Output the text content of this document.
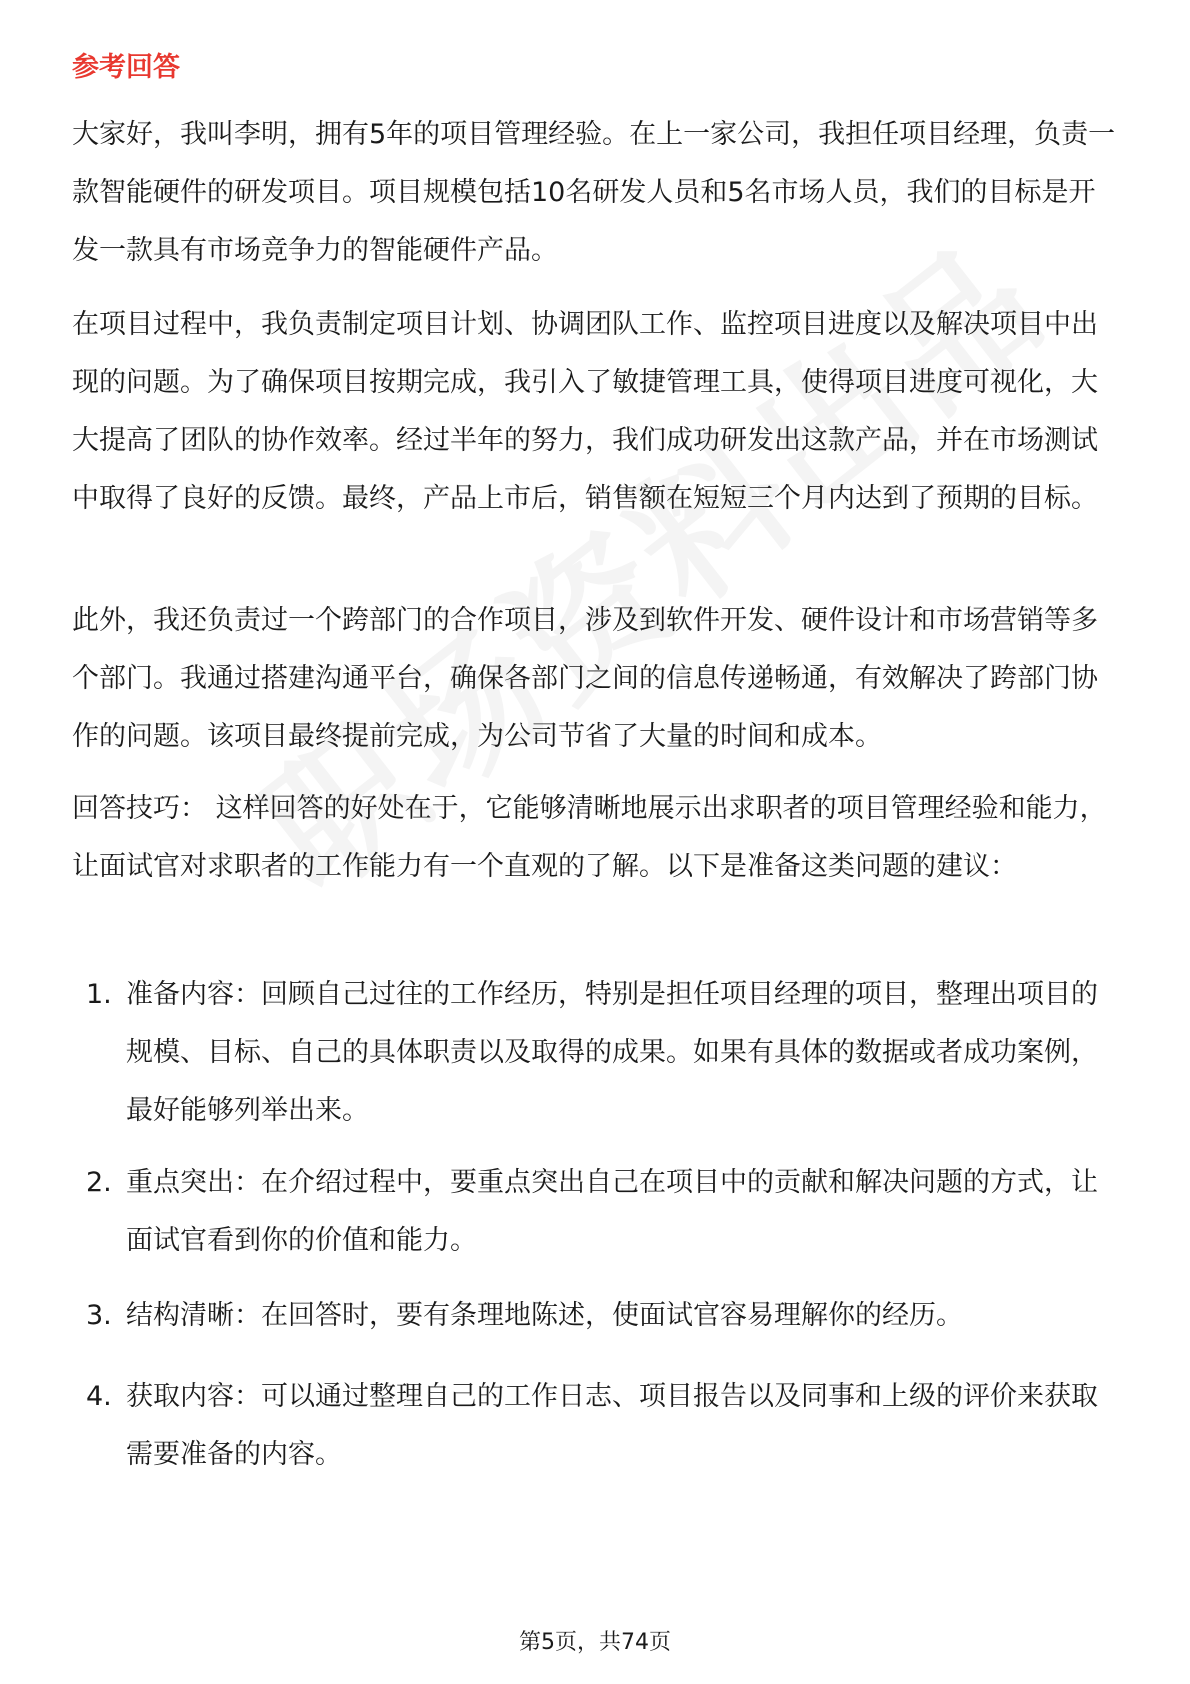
参考回答

大家好，我叫李明，拥有5年的项目管理经验。在上一家公司，我担任项目经理，负责一款智能硬件的研发项目。项目规模包括10名研发人员和5名市场人员，我们的目标是开发一款具有市场竞争力的智能硬件产品。

在项目过程中，我负责制定项目计划、协调团队工作、监控项目进度以及解决项目中出现的问题。为了确保项目按期完成，我引入了敏捷管理工具，使得项目进度可视化，大大提高了团队的协作效率。经过半年的努力，我们成功研发出这款产品，并在市场测试中取得了良好的反馈。最终，产品上市后，销售额在短短三个月内达到了预期的目标。

此外，我还负责过一个跨部门的合作项目，涉及到软件开发、硬件设计和市场营销等多个部门。我通过搭建沟通平台，确保各部门之间的信息传递畅通，有效解决了跨部门协作的问题。该项目最终提前完成，为公司节省了大量的时间和成本。

回答技巧： 这样回答的好处在于，它能够清晰地展示出求职者的项目管理经验和能力，让面试官对求职者的工作能力有一个直观的了解。以下是准备这类问题的建议：

1. 准备内容：回顾自己过往的工作经历，特别是担任项目经理的项目，整理出项目的规模、目标、自己的具体职责以及取得的成果。如果有具体的数据或者成功案例，最好能够列举出来。
2. 重点突出：在介绍过程中，要重点突出自己在项目中的贡献和解决问题的方式，让面试官看到你的价值和能力。
3. 结构清晰：在回答时，要有条理地陈述，使面试官容易理解你的经历。
4. 获取内容：可以通过整理自己的工作日志、项目报告以及同事和上级的评价来获取需要准备的内容。
第5页，共74页
